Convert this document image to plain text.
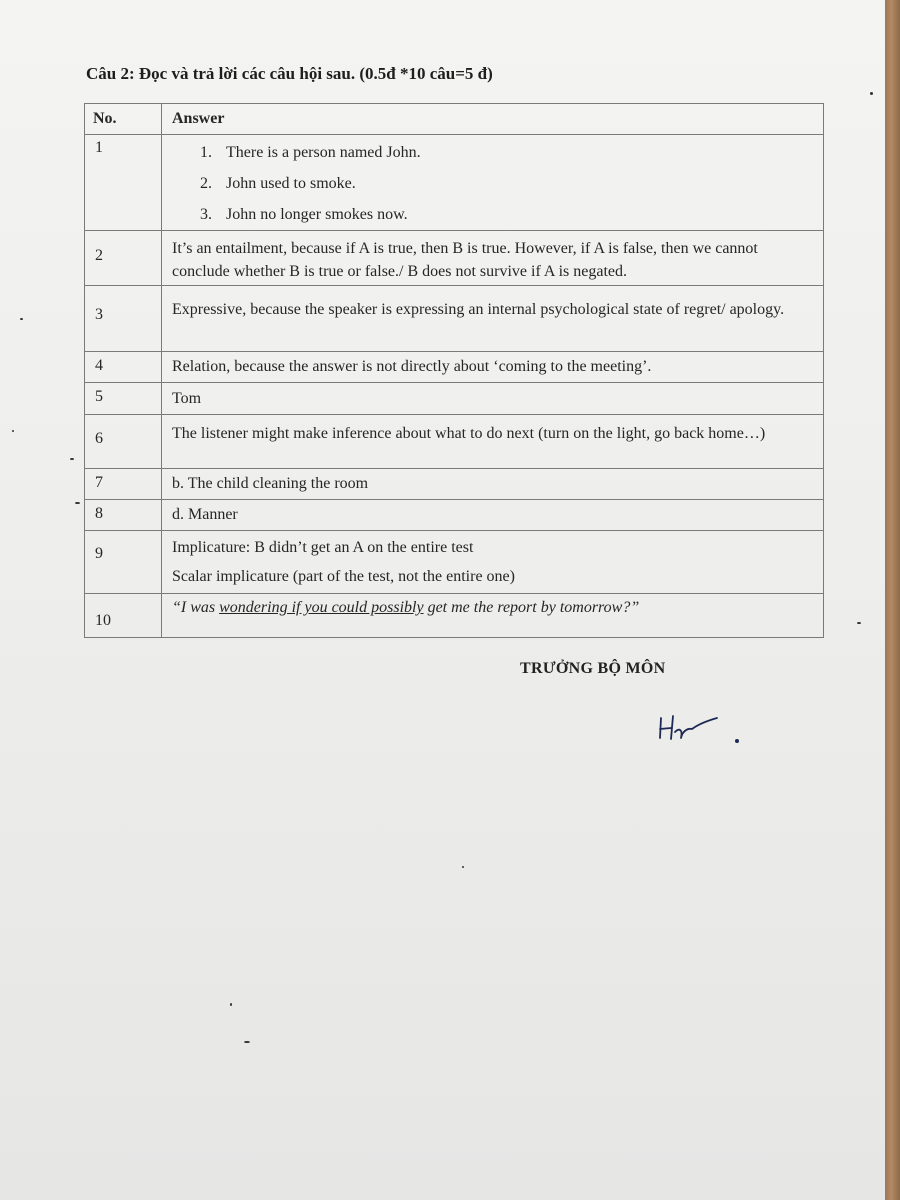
Câu 2: Đọc và trả lời các câu hội sau. (0.5đ *10 câu=5 đ)
No.	Answer

1	1. There is a person named John.
2. John used to smoke.
3. John no longer smokes now.

2	It’s an entailment, because if A is true, then B is true. However, if A is false, then we cannot conclude whether B is true or false./ B does not survive if A is negated.

3	Expressive, because the speaker is expressing an internal psychological state of regret/ apology.

4	Relation, because the answer is not directly about ‘coming to the meeting’.

5	Tom

6	The listener might make inference about what to do next (turn on the light, go back home…)

7	b. The child cleaning the room

8	d. Manner

9	Implicature: B didn’t get an A on the entire test
Scalar implicature (part of the test, not the entire one)

10	“I was wondering if you could possibly get me the report by tomorrow?”
TRƯỞNG BỘ MÔN
